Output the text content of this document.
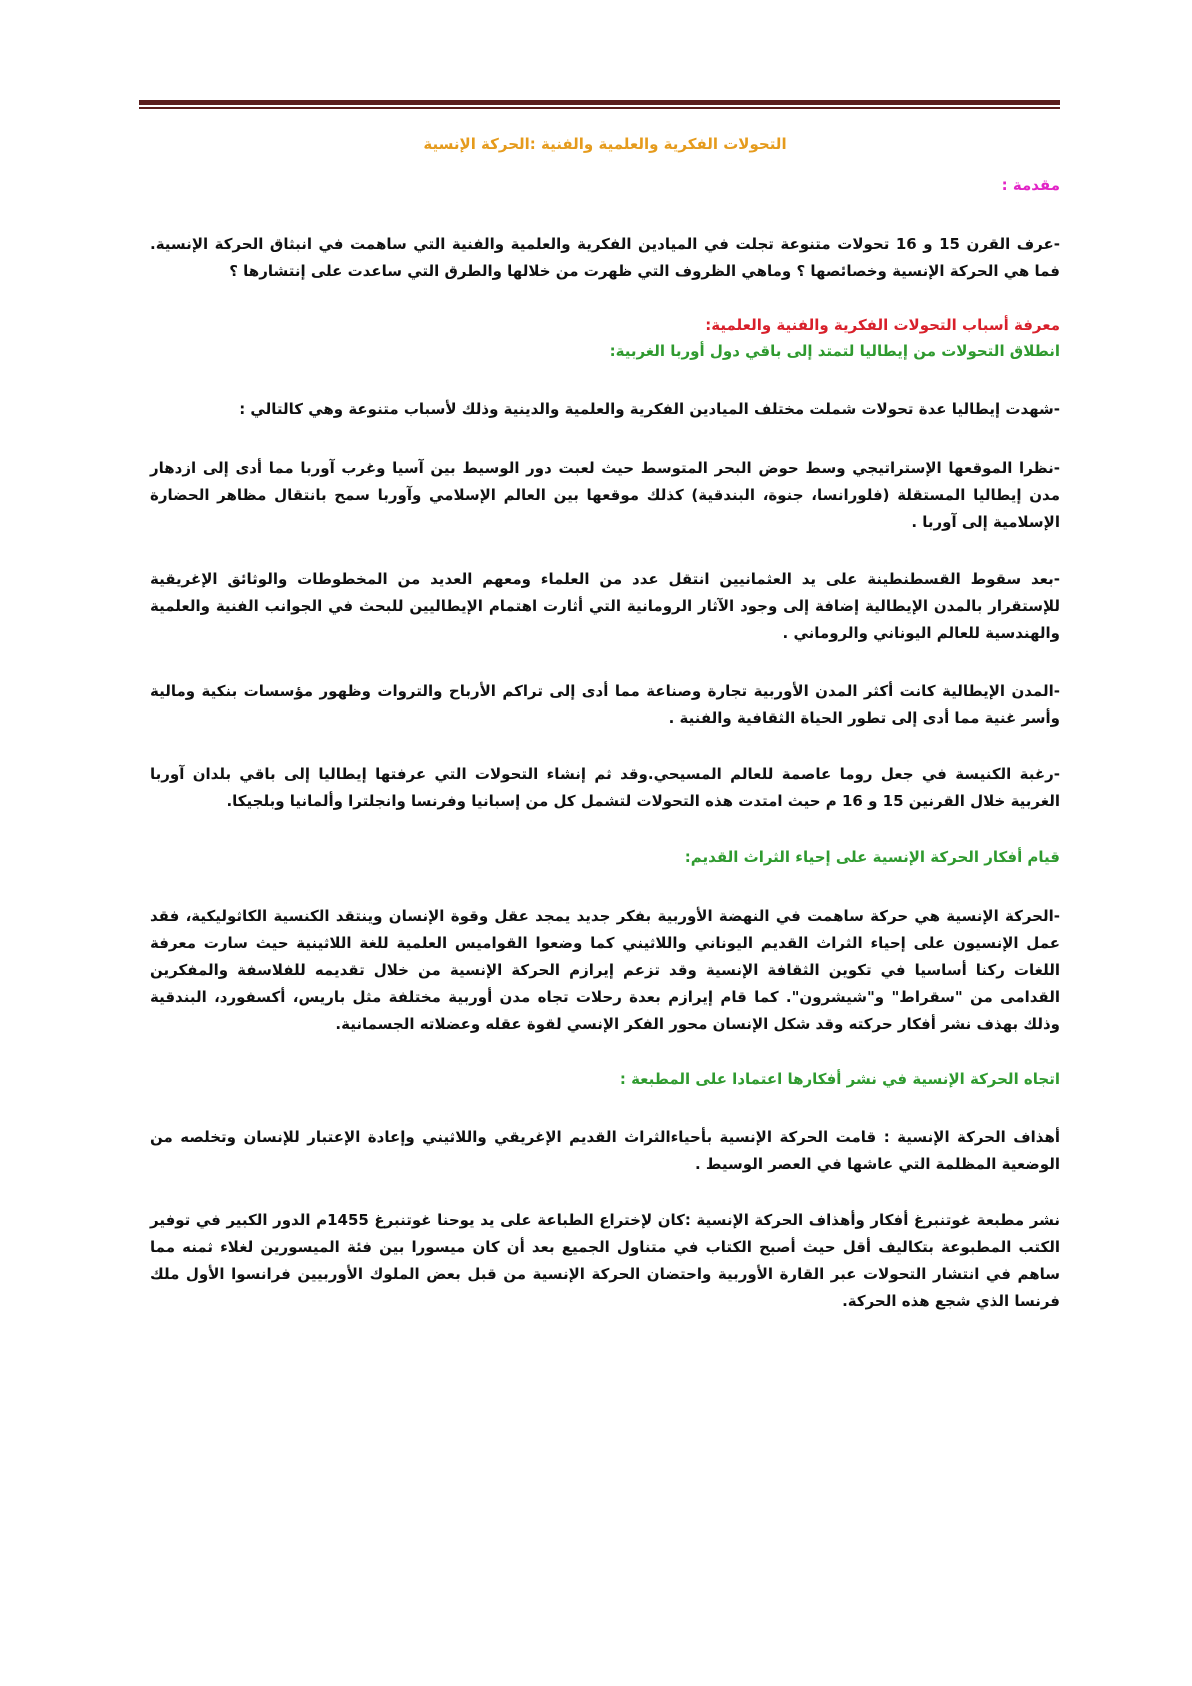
التحولات الفكرية والعلمية والفنية :الحركة الإنسية
مقدمة :
-عرف القرن 15 و 16 تحولات متنوعة تجلت في الميادين الفكرية والعلمية والفنية التي ساهمت في انبثاق الحركة الإنسية. فما هي الحركة الإنسية وخصائصها ؟ وماهي الظروف التي ظهرت من خلالها والطرق التي ساعدت على إنتشارها ؟
معرفة أسباب التحولات الفكرية والفنية والعلمية:
انطلاق التحولات من إيطاليا لتمتد إلى باقي دول أوربا الغربية:
-شهدت إيطاليا عدة تحولات شملت مختلف الميادين الفكرية والعلمية والدينية وذلك لأسباب متنوعة وهي كالتالي :
-نظرا الموقعها الإستراتيجي وسط حوض البحر المتوسط حيث لعبت دور الوسيط بين آسيا وغرب آوربا مما أدى إلى ازدهار مدن إيطاليا المستقلة (فلورانسا، جنوة، البندقية) كذلك موقعها بين العالم الإسلامي وآوربا سمح بانتقال مظاهر الحضارة الإسلامية إلى آوربا .
-بعد سقوط القسطنطينة على يد العثمانيين انتقل عدد من العلماء ومعهم العديد من المخطوطات والوثائق الإغريقية للإستقرار بالمدن الإيطالية إضافة إلى وجود الآثار الرومانية التي أثارت اهتمام الإيطاليين للبحث في الجوانب الفنية والعلمية والهندسية للعالم اليوناني والروماني .
-المدن الإيطالية كانت أكثر المدن الأوربية تجارة وصناعة مما أدى إلى تراكم الأرباح والتروات وظهور مؤسسات بنكية ومالية وأسر غنية مما أدى إلى تطور الحياة الثقافية والفنية .
-رغبة الكنيسة في جعل روما عاصمة للعالم المسيحي.وقد ثم إنشاء التحولات التي عرفتها إيطاليا إلى باقي بلدان آوربا الغربية خلال القرنين 15 و 16 م حيث امتدت هذه التحولات لتشمل كل من إسبانيا وفرنسا وانجلترا وألمانيا وبلجيكا.
قيام أفكار الحركة الإنسية على إحياء الثراث القديم:
-الحركة الإنسية هي حركة ساهمت في النهضة الأوربية بفكر جديد يمجد عقل وقوة الإنسان وينتقد الكنسية الكاثوليكية، فقد عمل الإنسيون على إحياء الثراث القديم اليوناني واللاثيني كما وضعوا القواميس العلمية للغة اللاثينية حيث سارت معرفة اللغات ركنا أساسيا في تكوين الثقافة الإنسية وقد تزعم إيرازم الحركة الإنسية من خلال تقديمه للفلاسفة والمفكرين القدامى من "سقراط" و"شيشرون". كما قام إيرازم بعدة رحلات تجاه مدن أوربية مختلفة مثل باريس، أكسفورد، البندقية وذلك بهذف نشر أفكار حركته وقد شكل الإنسان محور الفكر الإنسي لقوة عقله وعضلاته الجسمانية.
اتجاه الحركة الإنسية في نشر أفكارها اعتمادا على المطبعة :
أهذاف الحركة الإنسية : قامت الحركة الإنسية بأحياءالثراث القديم الإغريقي واللاثيني وإعادة الإعتبار للإنسان وتخلصه من الوضعية المظلمة التي عاشها في العصر الوسيط .
نشر مطبعة غوتنبرغ أفكار وأهذاف الحركة الإنسية :كان لإختراع الطباعة على يد يوحنا غوتنبرغ 1455م الدور الكبير في توفير الكتب المطبوعة بتكاليف أقل حيث أصبح الكتاب في متناول الجميع بعد أن كان ميسورا بين فئة الميسورين لغلاء ثمنه مما ساهم في انتشار التحولات عبر القارة الأوربية واحتضان الحركة الإنسية من قبل بعض الملوك الأوربيين فرانسوا الأول ملك فرنسا الذي شجع هذه الحركة.
